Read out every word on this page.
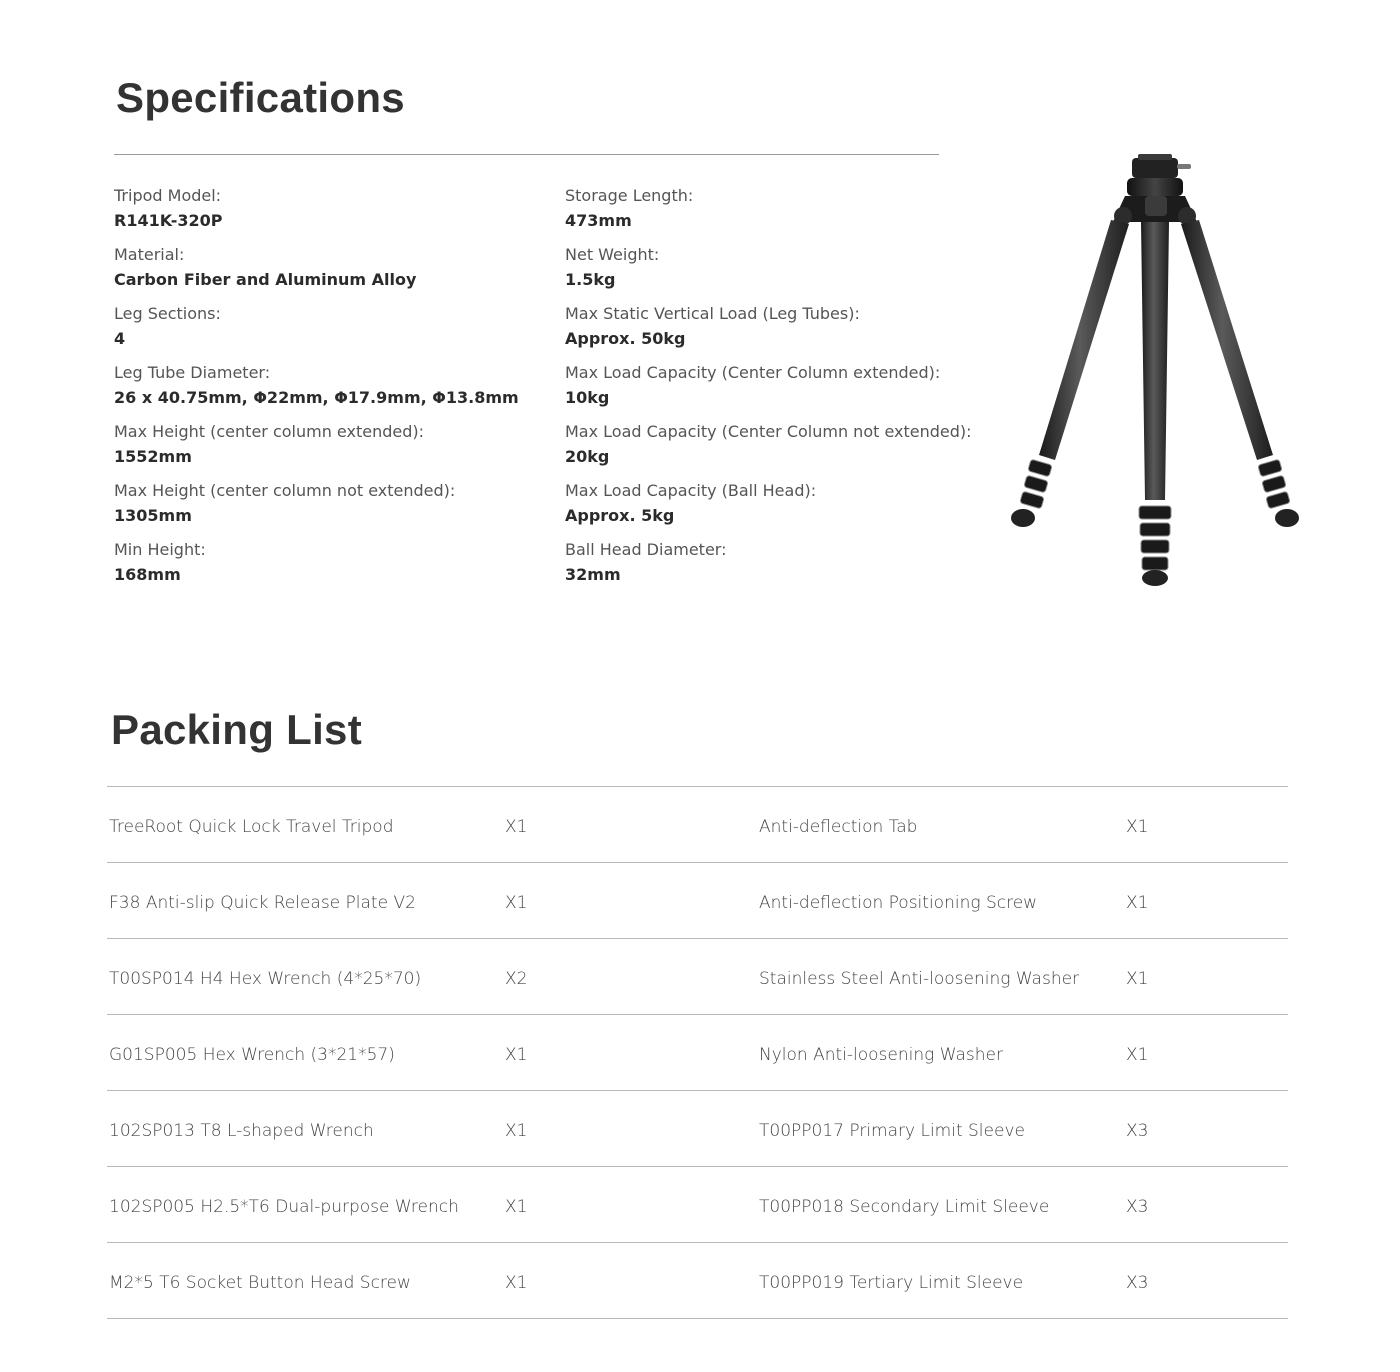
Specifications
Tripod Model:
R141K-320P
Material:
Carbon Fiber and Aluminum Alloy
Leg Sections:
4
Leg Tube Diameter:
26 x 40.75mm, Φ22mm, Φ17.9mm, Φ13.8mm
Max Height (center column extended):
1552mm
Max Height (center column not extended):
1305mm
Min Height:
168mm
Storage Length:
473mm
Net Weight:
1.5kg
Max Static Vertical Load (Leg Tubes):
Approx. 50kg
Max Load Capacity (Center Column extended):
10kg
Max Load Capacity (Center Column not extended):
20kg
Max Load Capacity (Ball Head):
Approx. 5kg
Ball Head Diameter:
32mm
Packing List
TreeRoot Quick Lock Travel Tripod	X1	Anti-deflection Tab	X1
F38 Anti-slip Quick Release Plate V2	X1	Anti-deflection Positioning Screw	X1
T00SP014 H4 Hex Wrench (4*25*70)	X2	Stainless Steel Anti-loosening Washer	X1
G01SP005 Hex Wrench (3*21*57)	X1	Nylon Anti-loosening Washer	X1
102SP013 T8 L-shaped Wrench	X1	T00PP017 Primary Limit Sleeve	X3
102SP005 H2.5*T6 Dual-purpose Wrench	X1	T00PP018 Secondary Limit Sleeve	X3
M2*5 T6 Socket Button Head Screw	X1	T00PP019 Tertiary Limit Sleeve	X3
